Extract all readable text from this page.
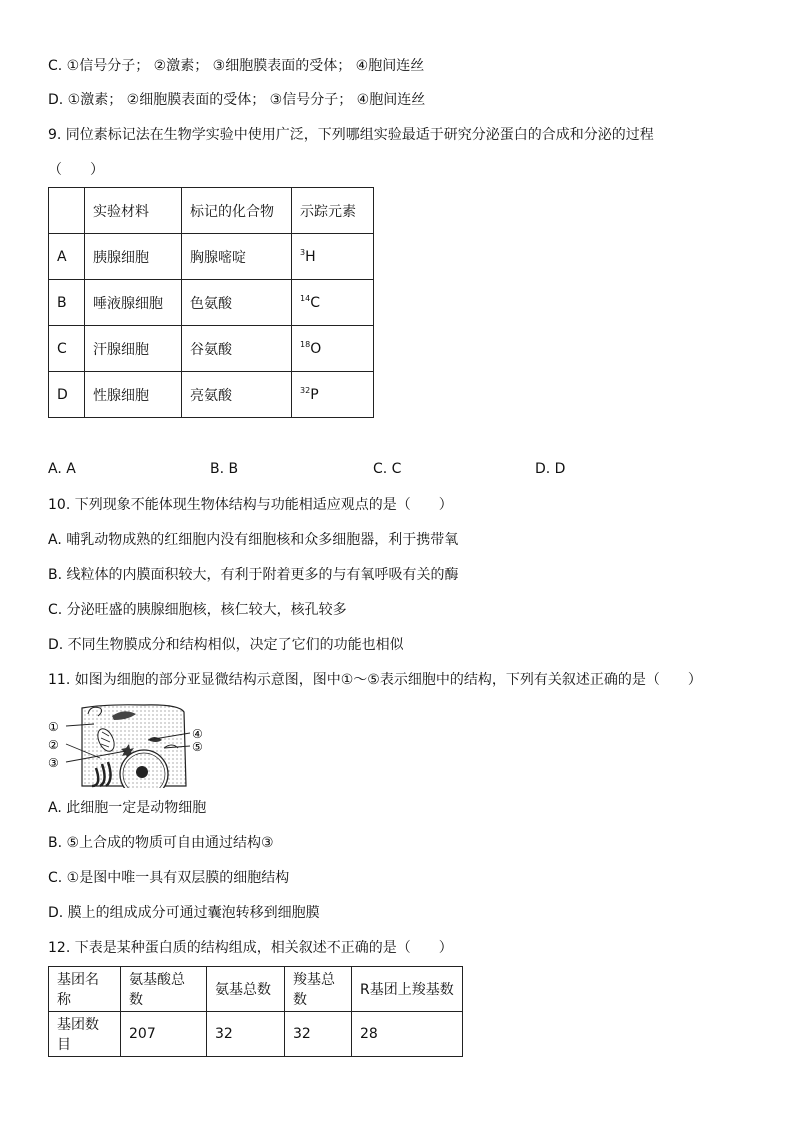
C. ①信号分子； ②激素； ③细胞膜表面的受体； ④胞间连丝
D. ①激素； ②细胞膜表面的受体； ③信号分子； ④胞间连丝
9. 同位素标记法在生物学实验中使用广泛，下列哪组实验最适于研究分泌蛋白的合成和分泌的过程
（　　）
	实验材料	标记的化合物	示踪元素
A	胰腺细胞	胸腺嘧啶	$^3$H
B	唾液腺细胞	色氨酸	$^{14}$C
C	汗腺细胞	谷氨酸	$^{18}$O
D	性腺细胞	亮氨酸	$^{32}$P
A. A	B. B	C. C	D. D
10. 下列现象不能体现生物体结构与功能相适应观点的是（　　）
A. 哺乳动物成熟的红细胞内没有细胞核和众多细胞器，利于携带氧
B. 线粒体的内膜面积较大，有利于附着更多的与有氧呼吸有关的酶
C. 分泌旺盛的胰腺细胞核，核仁较大，核孔较多
D. 不同生物膜成分和结构相似，决定了它们的功能也相似
11. 如图为细胞的部分亚显微结构示意图，图中①～⑤表示细胞中的结构，下列有关叙述正确的是（　　）
①
②
③
④
⑤
A. 此细胞一定是动物细胞
B. ⑤上合成的物质可自由通过结构③
C. ①是图中唯一具有双层膜的细胞结构
D. 膜上的组成成分可通过囊泡转移到细胞膜
12. 下表是某种蛋白质的结构组成，相关叙述不正确的是（　　）
基团名称	氨基酸总数	氨基总数	羧基总数	R基团上羧基数
基团数目	207	32	32	28
